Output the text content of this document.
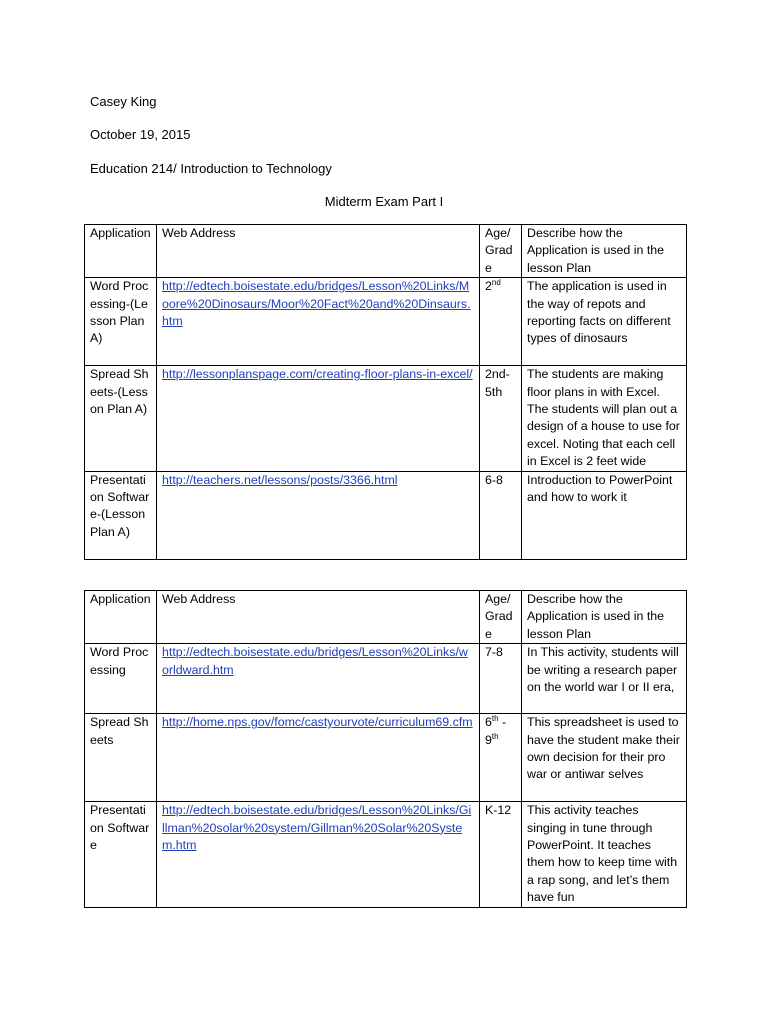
Casey King
October 19, 2015
Education 214/ Introduction to Technology
Midterm Exam Part I
Application	Web Address	Age/ Grade	Describe how the Application is used in the lesson Plan
Word Processing-(Lesson Plan A)	http://edtech.boisestate.edu/bridges/Lesson%20Links/Moore%20Dinosaurs/Moor%20Fact%20and%20Dinsaurs.htm	2nd	The application is used in the way of repots and reporting facts on different types of dinosaurs
Spread Sheets-(Lesson Plan A)	http://lessonplanspage.com/creating-floor-plans-in-excel/	2nd-5th	The students are making floor plans in with Excel. The students will plan out a design of a house to use for excel. Noting that each cell in Excel is 2 feet wide
Presentation Software-(Lesson Plan A)	http://teachers.net/lessons/posts/3366.html	6-8	Introduction to PowerPoint and how to work it
Application	Web Address	Age/ Grade	Describe how the Application is used in the lesson Plan
Word Processing	http://edtech.boisestate.edu/bridges/Lesson%20Links/worldward.htm	7-8	In This activity, students will be writing a research paper on the world war I or II era,
Spread Sheets	http://home.nps.gov/fomc/castyourvote/curriculum69.cfm	6th - 9th	This spreadsheet is used to have the student make their own decision for their pro war or antiwar selves
Presentation Software	http://edtech.boisestate.edu/bridges/Lesson%20Links/Gillman%20solar%20system/Gillman%20Solar%20System.htm	K-12	This activity teaches singing in tune through PowerPoint. It teaches them how to keep time with a rap song, and let’s them have fun
